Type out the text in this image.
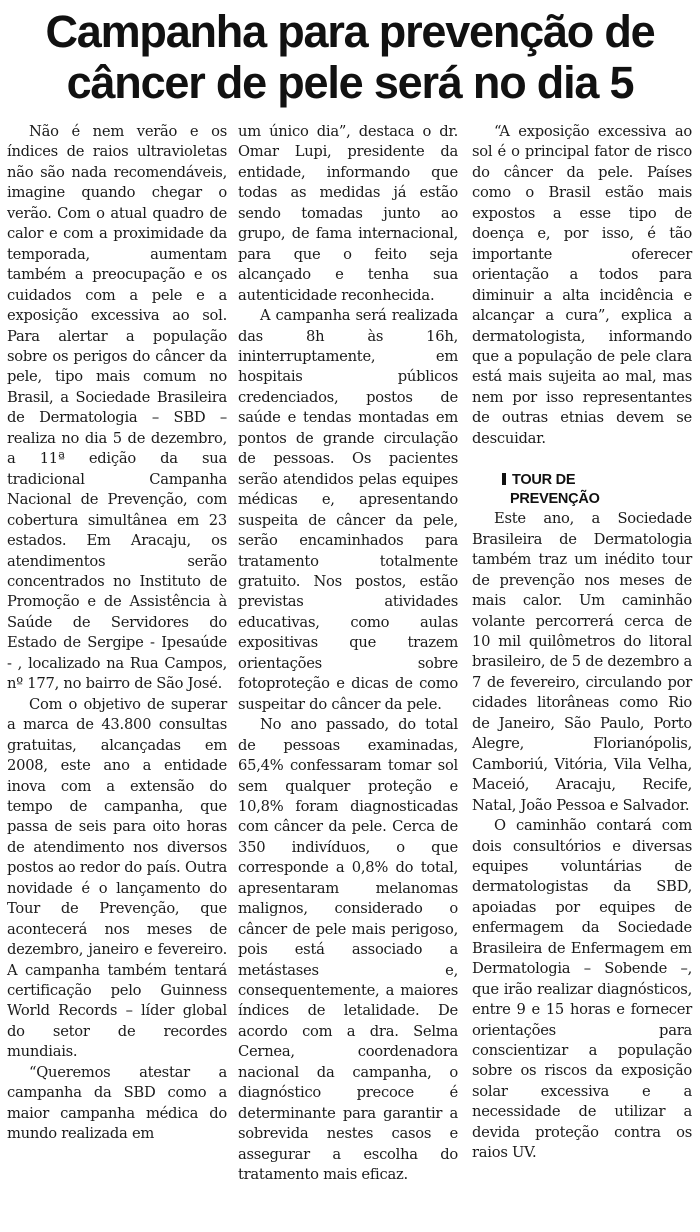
Campanha para prevenção de
câncer de pele será no dia 5

Não é nem verão e os índices de raios ultravioletas não são nada recomendáveis, imagine quando chegar o verão. Com o atual quadro de calor e com a proximidade da temporada, aumentam também a preocupação e os cuidados com a pele e a exposição excessiva ao sol. Para alertar a população sobre os perigos do câncer da pele, tipo mais comum no Brasil, a Sociedade Brasileira de Dermatologia – SBD – realiza no dia 5 de dezembro, a 11ª edição da sua tradicional Campanha Nacional de Prevenção, com cobertura simultânea em 23 estados. Em Aracaju, os atendimentos serão concentrados no Instituto de Promoção e de Assistência à Saúde de Servidores do Estado de Sergipe - Ipesaúde - , localizado na Rua Campos, nº 177, no bairro de São José.

Com o objetivo de superar a marca de 43.800 consultas gratuitas, alcançadas em 2008, este ano a entidade inova com a extensão do tempo de campanha, que passa de seis para oito horas de atendimento nos diversos postos ao redor do país. Outra novidade é o lançamento do Tour de Prevenção, que acontecerá nos meses de dezembro, janeiro e fevereiro. A campanha também tentará certificação pelo Guinness World Records – líder global do setor de recordes mundiais.

“Queremos atestar a campanha da SBD como a maior campanha médica do mundo realizada em

um único dia”, destaca o dr. Omar Lupi, presidente da entidade, informando que todas as medidas já estão sendo tomadas junto ao grupo, de fama internacional, para que o feito seja alcançado e tenha sua autenticidade reconhecida.

A campanha será realizada das 8h às 16h, ininterruptamente, em hospitais públicos credenciados, postos de saúde e tendas montadas em pontos de grande circulação de pessoas. Os pacientes serão atendidos pelas equipes médicas e, apresentando suspeita de câncer da pele, serão encaminhados para tratamento totalmente gratuito. Nos postos, estão previstas atividades educativas, como aulas expositivas que trazem orientações sobre fotoproteção e dicas de como suspeitar do câncer da pele.

No ano passado, do total de pessoas examinadas, 65,4% confessaram tomar sol sem qualquer proteção e 10,8% foram diagnosticadas com câncer da pele. Cerca de 350 indivíduos, o que corresponde a 0,8% do total, apresentaram melanomas malignos, considerado o câncer de pele mais perigoso, pois está associado a metástases e, consequentemente, a maiores índices de letalidade. De acordo com a dra. Selma Cernea, coordenadora nacional da campanha, o diagnóstico precoce é determinante para garantir a sobrevida nestes casos e assegurar a escolha do tratamento mais eficaz.

“A exposição excessiva ao sol é o principal fator de risco do câncer da pele. Países como o Brasil estão mais expostos a esse tipo de doença e, por isso, é tão importante oferecer orientação a todos para diminuir a alta incidência e alcançar a cura”, explica a dermatologista, informando que a população de pele clara está mais sujeita ao mal, mas nem por isso representantes de outras etnias devem se descuidar.

TOUR DE
PREVENÇÃO

Este ano, a Sociedade Brasileira de Dermatologia também traz um inédito tour de prevenção nos meses de mais calor. Um caminhão volante percorrerá cerca de 10 mil quilômetros do litoral brasileiro, de 5 de dezembro a 7 de fevereiro, circulando por cidades litorâneas como Rio de Janeiro, São Paulo, Porto Alegre, Florianópolis, Camboriú, Vitória, Vila Velha, Maceió, Aracaju, Recife, Natal, João Pessoa e Salvador.

O caminhão contará com dois consultórios e diversas equipes voluntárias de dermatologistas da SBD, apoiadas por equipes de enfermagem da Sociedade Brasileira de Enfermagem em Dermatologia – Sobende –, que irão realizar diagnósticos, entre 9 e 15 horas e fornecer orientações para conscientizar a população sobre os riscos da exposição solar excessiva e a necessidade de utilizar a devida proteção contra os raios UV.
